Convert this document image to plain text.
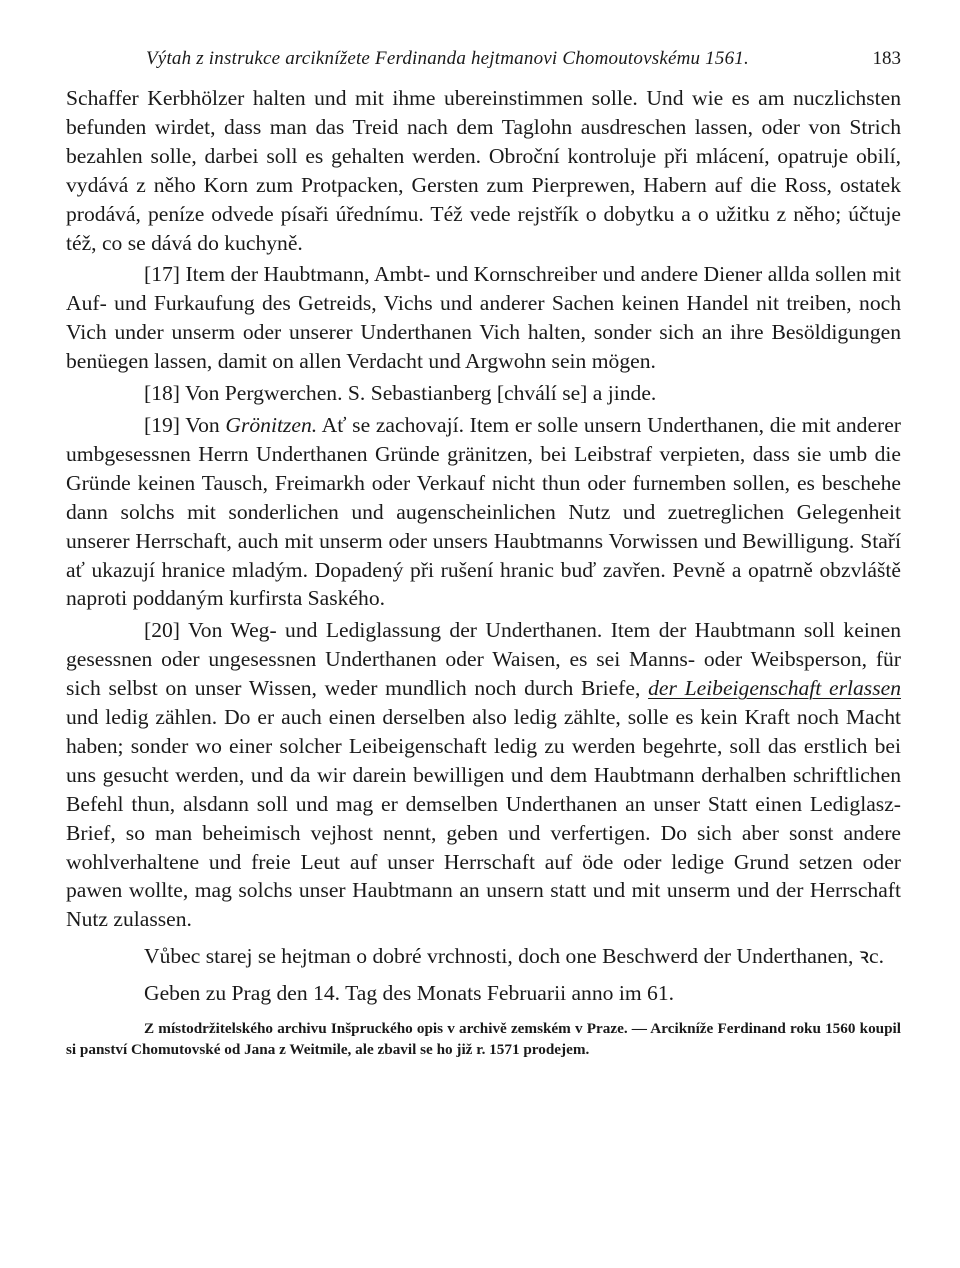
Výtah z instrukce arciknížete Ferdinanda hejtmanovi Chomoutovskému 1561.	183

Schaffer Kerbhölzer halten und mit ihme ubereinstimmen solle. Und wie es am nuczlichsten befunden wirdet, dass man das Treid nach dem Taglohn ausdreschen lassen, oder von Strich bezahlen solle, darbei soll es gehalten werden. Obroční kontroluje při mlácení, opatruje obilí, vydává z něho Korn zum Protpacken, Gersten zum Pierprewen, Habern auf die Ross, ostatek prodává, peníze odvede písaři úřednímu. Též vede rejstřík o dobytku a o užitku z něho; účtuje též, co se dává do kuchyně.

[17] Item der Haubtmann, Ambt- und Kornschreiber und andere Diener allda sollen mit Auf- und Furkaufung des Getreids, Vichs und anderer Sachen keinen Handel nit treiben, noch Vich under unserm oder unserer Underthanen Vich halten, sonder sich an ihre Besöldigungen benüegen lassen, damit on allen Verdacht und Argwohn sein mögen.

[18] Von Pergwerchen. S. Sebastianberg [chválí se] a jinde.

[19] Von Grönitzen. Ať se zachovají. Item er solle unsern Underthanen, die mit anderer umbgesessnen Herrn Underthanen Gründe gränitzen, bei Leibstraf verpieten, dass sie umb die Gründe keinen Tausch, Freimarkh oder Verkauf nicht thun oder furnemben sollen, es beschehe dann solchs mit sonderlichen und augenscheinlichen Nutz und zuetreglichen Gelegenheit unserer Herrschaft, auch mit unserm oder unsers Haubtmanns Vorwissen und Bewilligung. Staří ať ukazují hranice mladým. Dopadený při rušení hranic buď zavřen. Pevně a opatrně obzvláště naproti poddaným kurfirsta Saského.

[20] Von Weg- und Lediglassung der Underthanen. Item der Haubtmann soll keinen gesessnen oder ungesessnen Underthanen oder Waisen, es sei Manns- oder Weibsperson, für sich selbst on unser Wissen, weder mundlich noch durch Briefe, der Leibeigenschaft erlassen und ledig zählen. Do er auch einen derselben also ledig zählte, solle es kein Kraft noch Macht haben; sonder wo einer solcher Leibeigenschaft ledig zu werden begehrte, soll das erstlich bei uns gesucht werden, und da wir darein bewilligen und dem Haubtmann derhalben schriftlichen Befehl thun, alsdann soll und mag er demselben Underthanen an unser Statt einen Lediglasz-Brief, so man beheimisch vejhost nennt, geben und verfertigen. Do sich aber sonst andere wohlverhaltene und freie Leut auf unser Herrschaft auf öde oder ledige Grund setzen oder pawen wollte, mag solchs unser Haubtmann an unsern statt und mit unserm und der Herrschaft Nutz zulassen.

Vůbec starej se hejtman o dobré vrchnosti, doch one Beschwerd der Underthanen, ꝛc.

Geben zu Prag den 14. Tag des Monats Februarii anno im 61.

Z místodržitelského archivu Inšpruckého opis v archivě zemském v Praze. — Arcikníže Ferdinand roku 1560 koupil si panství Chomutovské od Jana z Weitmile, ale zbavil se ho již r. 1571 prodejem.
